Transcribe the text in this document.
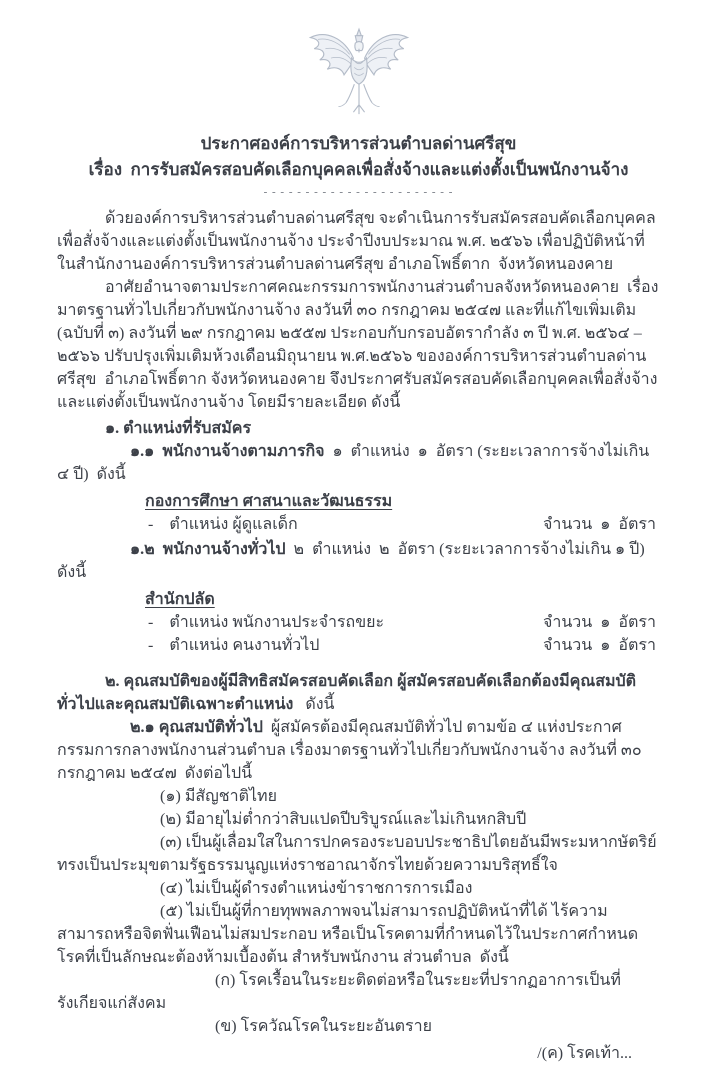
ประกาศองค์การบริหารส่วนตำบลด่านศรีสุข
เรื่อง  การรับสมัครสอบคัดเลือกบุคคลเพื่อสั่งจ้างและแต่งตั้งเป็นพนักงานจ้าง
- - - - - - - - - - - - - - - - - - - - - - -

ด้วยองค์การบริหารส่วนตำบลด่านศรีสุข จะดำเนินการรับสมัครสอบคัดเลือกบุคคลเพื่อสั่งจ้างและแต่งตั้งเป็นพนักงานจ้าง ประจำปีงบประมาณ พ.ศ. ๒๕๖๖ เพื่อปฏิบัติหน้าที่ในสำนักงานองค์การบริหารส่วนตำบลด่านศรีสุข อำเภอโพธิ์ตาก  จังหวัดหนองคาย

อาศัยอำนาจตามประกาศคณะกรรมการพนักงานส่วนตำบลจังหวัดหนองคาย  เรื่อง มาตรฐานทั่วไปเกี่ยวกับพนักงานจ้าง ลงวันที่ ๓๐ กรกฎาคม ๒๕๔๗ และที่แก้ไขเพิ่มเติม (ฉบับที่ ๓) ลงวันที่ ๒๙ กรกฎาคม ๒๕๕๗ ประกอบกับกรอบอัตรากำลัง ๓ ปี พ.ศ. ๒๕๖๔ – ๒๕๖๖ ปรับปรุงเพิ่มเติมห้วงเดือนมิถุนายน พ.ศ.๒๕๖๖ ขององค์การบริหารส่วนตำบลด่านศรีสุข  อำเภอโพธิ์ตาก จังหวัดหนองคาย จึงประกาศรับสมัครสอบคัดเลือกบุคคลเพื่อสั่งจ้างและแต่งตั้งเป็นพนักงานจ้าง โดยมีรายละเอียด ดังนี้

๑. ตำแหน่งที่รับสมัคร

๑.๑  พนักงานจ้างตามภารกิจ  ๑  ตำแหน่ง  ๑  อัตรา (ระยะเวลาการจ้างไม่เกิน ๔ ปี)  ดังนี้

กองการศึกษา ศาสนาและวัฒนธรรม

-    ตำแหน่ง ผู้ดูแลเด็ก	จำนวน  ๑  อัตรา

๑.๒  พนักงานจ้างทั่วไป  ๒  ตำแหน่ง  ๒  อัตรา (ระยะเวลาการจ้างไม่เกิน ๑ ปี)  ดังนี้

สำนักปลัด

-    ตำแหน่ง พนักงานประจำรถขยะ	จำนวน  ๑  อัตรา

-    ตำแหน่ง คนงานทั่วไป	จำนวน  ๑  อัตรา

๒. คุณสมบัติของผู้มีสิทธิสมัครสอบคัดเลือก ผู้สมัครสอบคัดเลือกต้องมีคุณสมบัติทั่วไปและคุณสมบัติเฉพาะตำแหน่ง   ดังนี้

๒.๑ คุณสมบัติทั่วไป  ผู้สมัครต้องมีคุณสมบัติทั่วไป ตามข้อ ๔ แห่งประกาศกรรมการกลางพนักงานส่วนตำบล เรื่องมาตรฐานทั่วไปเกี่ยวกับพนักงานจ้าง ลงวันที่ ๓๐ กรกฎาคม ๒๕๔๗  ดังต่อไปนี้

(๑) มีสัญชาติไทย

(๒) มีอายุไม่ต่ำกว่าสิบแปดปีบริบูรณ์และไม่เกินหกสิบปี

(๓) เป็นผู้เลื่อมใสในการปกครองระบอบประชาธิปไตยอันมีพระมหากษัตริย์ทรงเป็นประมุขตามรัฐธรรมนูญแห่งราชอาณาจักรไทยด้วยความบริสุทธิ์ใจ

(๔) ไม่เป็นผู้ดำรงตำแหน่งข้าราชการการเมือง

(๕) ไม่เป็นผู้ที่กายทุพพลภาพจนไม่สามารถปฏิบัติหน้าที่ได้ ไร้ความสามารถหรือจิตฟั่นเฟือนไม่สมประกอบ หรือเป็นโรคตามที่กำหนดไว้ในประกาศกำหนดโรคที่เป็นลักษณะต้องห้ามเบื้องต้น สำหรับพนักงาน ส่วนตำบล  ดังนี้

(ก) โรคเรื้อนในระยะติดต่อหรือในระยะที่ปรากฏอาการเป็นที่รังเกียจแก่สังคม

(ข) โรควัณโรคในระยะอันตราย

/(ค) โรคเท้า...
